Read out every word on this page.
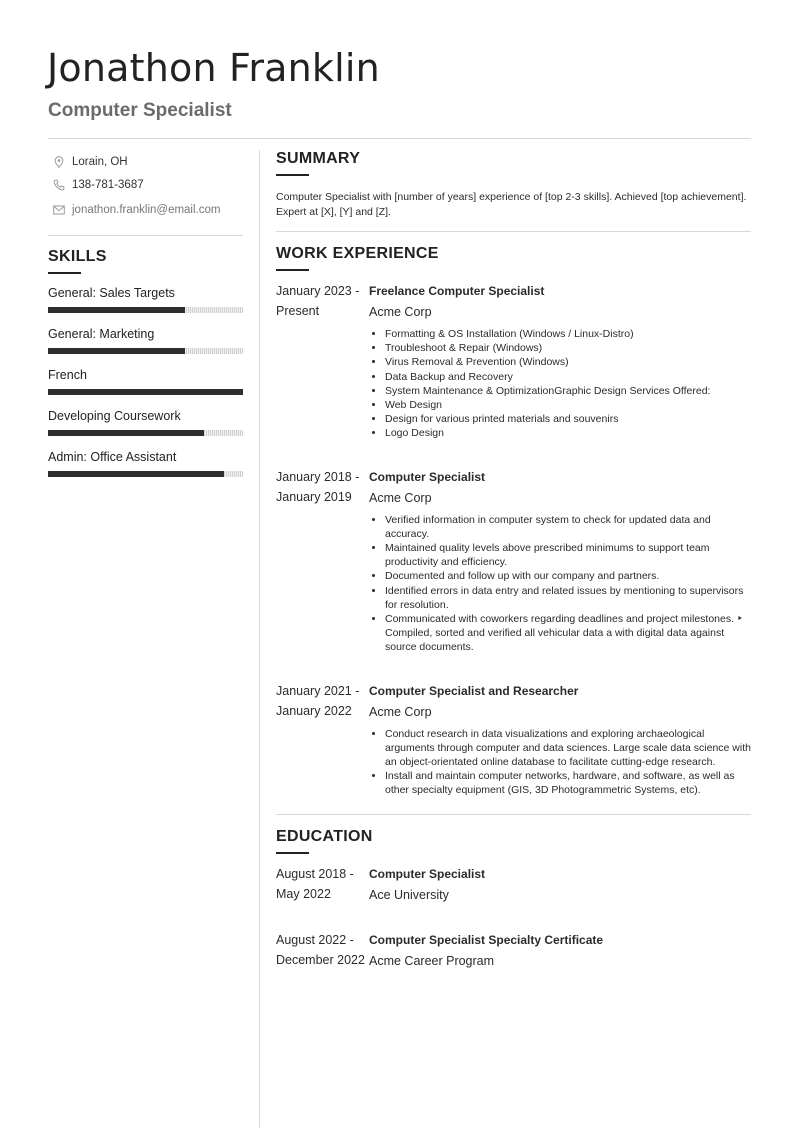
Jonathon Franklin
Computer Specialist
Lorain, OH
138-781-3687
jonathon.franklin@email.com
SKILLS
General: Sales Targets
General: Marketing
French
Developing Coursework
Admin: Office Assistant
SUMMARY
Computer Specialist with [number of years] experience of [top 2-3 skills]. Achieved [top achievement]. Expert at [X], [Y] and [Z].
WORK EXPERIENCE
January 2023 -
Present
Freelance Computer Specialist
Acme Corp
• Formatting & OS Installation (Windows / Linux-Distro)
• Troubleshoot & Repair (Windows)
• Virus Removal & Prevention (Windows)
• Data Backup and Recovery
• System Maintenance & OptimizationGraphic Design Services Offered:
• Web Design
• Design for various printed materials and souvenirs
• Logo Design
January 2018 -
January 2019
Computer Specialist
Acme Corp
• Verified information in computer system to check for updated data and accuracy.
• Maintained quality levels above prescribed minimums to support team productivity and efficiency.
• Documented and follow up with our company and partners.
• Identified errors in data entry and related issues by mentioning to supervisors for resolution.
• Communicated with coworkers regarding deadlines and project milestones. ‣ Compiled, sorted and verified all vehicular data a with digital data against source documents.
January 2021 -
January 2022
Computer Specialist and Researcher
Acme Corp
• Conduct research in data visualizations and exploring archaeological arguments through computer and data sciences. Large scale data science with an object-orientated online database to facilitate cutting-edge research.
• Install and maintain computer networks, hardware, and software, as well as other specialty equipment (GIS, 3D Photogrammetric Systems, etc).
EDUCATION
August 2018 -
May 2022
Computer Specialist
Ace University
August 2022 -
December 2022
Computer Specialist Specialty Certificate
Acme Career Program
